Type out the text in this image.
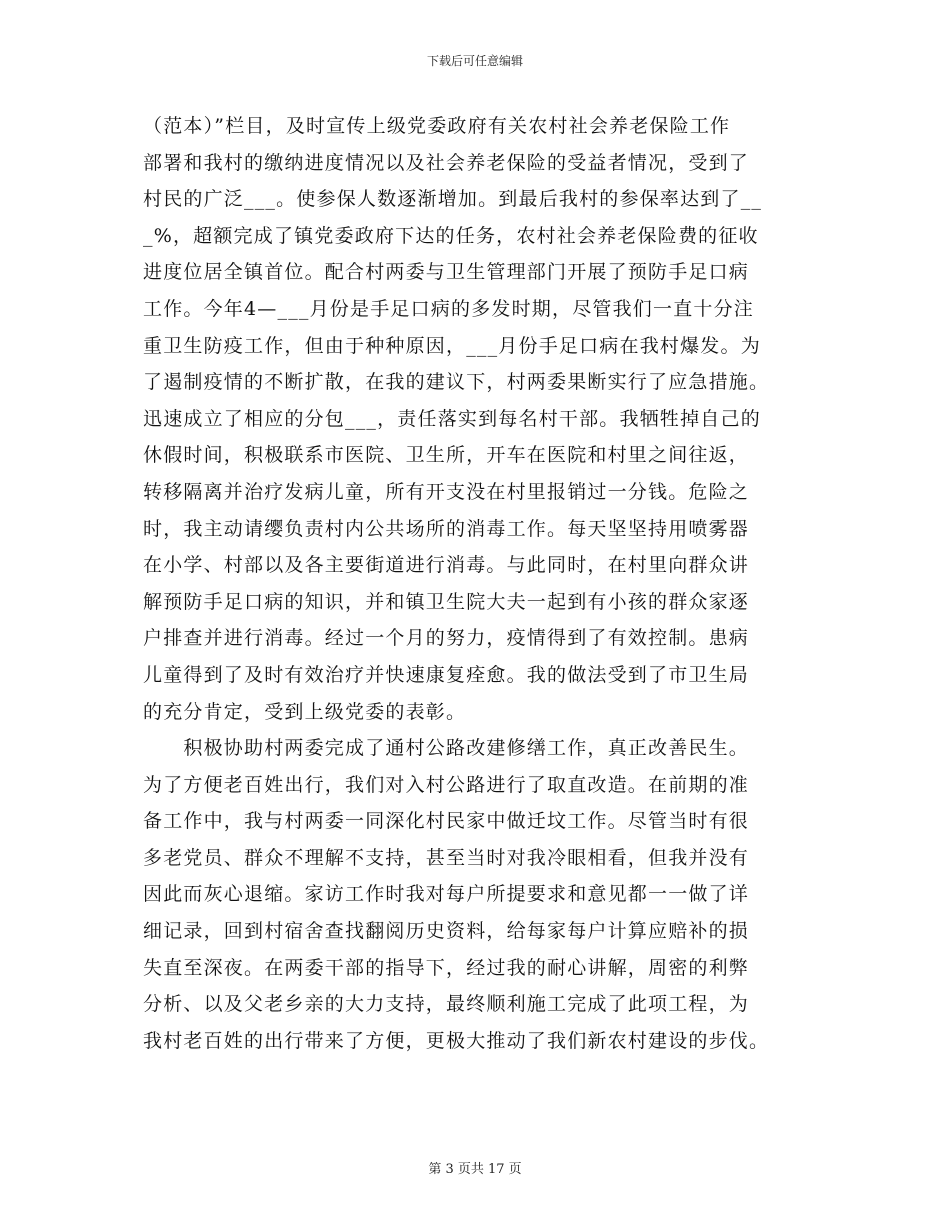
下载后可任意编辑
（范本）”栏目，及时宣传上级党委政府有关农村社会养老保险工作
部署和我村的缴纳进度情况以及社会养老保险的受益者情况，受到了
村民的广泛___。使参保人数逐渐增加。到最后我村的参保率达到了__
_%，超额完成了镇党委政府下达的任务，农村社会养老保险费的征收
进度位居全镇首位。配合村两委与卫生管理部门开展了预防手足口病
工作。今年4—___月份是手足口病的多发时期，尽管我们一直十分注
重卫生防疫工作，但由于种种原因，___月份手足口病在我村爆发。为
了遏制疫情的不断扩散，在我的建议下，村两委果断实行了应急措施。
迅速成立了相应的分包___，责任落实到每名村干部。我牺牲掉自己的
休假时间，积极联系市医院、卫生所，开车在医院和村里之间往返，
转移隔离并治疗发病儿童，所有开支没在村里报销过一分钱。危险之
时，我主动请缨负责村内公共场所的消毒工作。每天坚坚持用喷雾器
在小学、村部以及各主要街道进行消毒。与此同时，在村里向群众讲
解预防手足口病的知识，并和镇卫生院大夫一起到有小孩的群众家逐
户排查并进行消毒。经过一个月的努力，疫情得到了有效控制。患病
儿童得到了及时有效治疗并快速康复痊愈。我的做法受到了市卫生局
的充分肯定，受到上级党委的表彰。
　　积极协助村两委完成了通村公路改建修缮工作，真正改善民生。
为了方便老百姓出行，我们对入村公路进行了取直改造。在前期的准
备工作中，我与村两委一同深化村民家中做迁坟工作。尽管当时有很
多老党员、群众不理解不支持，甚至当时对我冷眼相看，但我并没有
因此而灰心退缩。家访工作时我对每户所提要求和意见都一一做了详
细记录，回到村宿舍查找翻阅历史资料，给每家每户计算应赔补的损
失直至深夜。在两委干部的指导下，经过我的耐心讲解，周密的利弊
分析、以及父老乡亲的大力支持，最终顺利施工完成了此项工程，为
我村老百姓的出行带来了方便，更极大推动了我们新农村建设的步伐。
第 3 页共 17 页
